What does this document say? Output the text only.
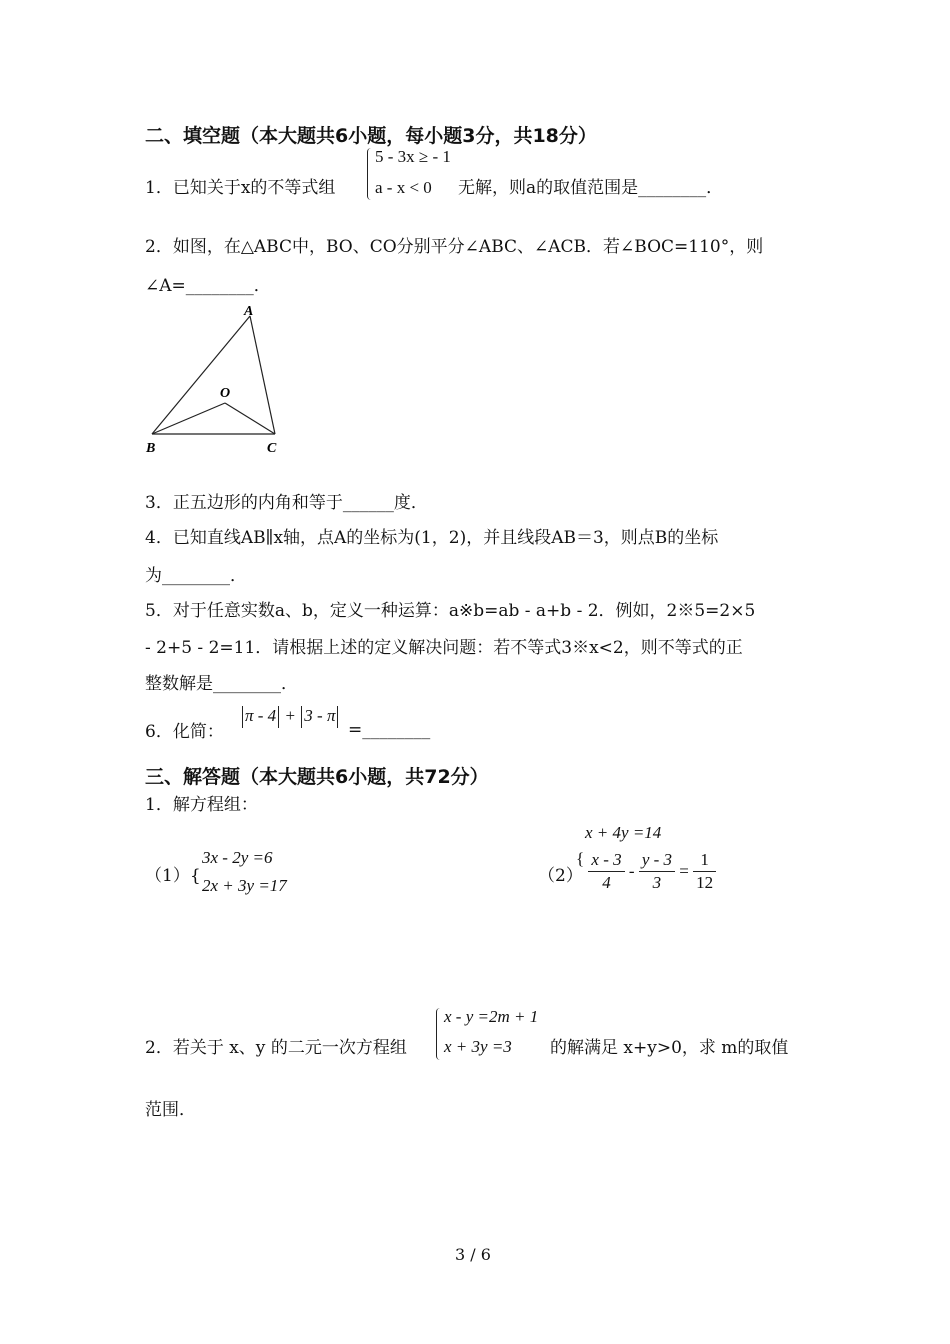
二、填空题（本大题共6小题，每小题3分，共18分）
1．已知关于x的不等式组
5 - 3x ≥ - 1
a - x < 0 无解，则a的取值范围是________．
2．如图，在△ABC中，BO、CO分别平分∠ABC、∠ACB．若∠BOC=110°，则
∠A=________．
A
O
B	C
3．正五边形的内角和等于______度．
4．已知直线AB∥x轴，点A的坐标为(1，2)，并且线段AB＝3，则点B的坐标
为________．
5．对于任意实数a、b，定义一种运算：a※b=ab - a+b - 2．例如，2※5=2×5
- 2+5 - 2=11．请根据上述的定义解决问题：若不等式3※x<2，则不等式的正
整数解是________．
6．化简：
π - 4 + 3 - π
=________
三、解答题（本大题共6小题，共72分）
1．解方程组：
（1）{
3x - 2y =6
2x + 3y =17
x + 4y =14
（2）
{ $\frac{x - 3}{4} - \frac{y - 3}{3} = \frac{1}{12}$
2．若关于 x、y 的二元一次方程组
x - y =2m + 1
x + 3y =3 的解满足 x+y>0，求 m的取值
范围．
3 / 6
